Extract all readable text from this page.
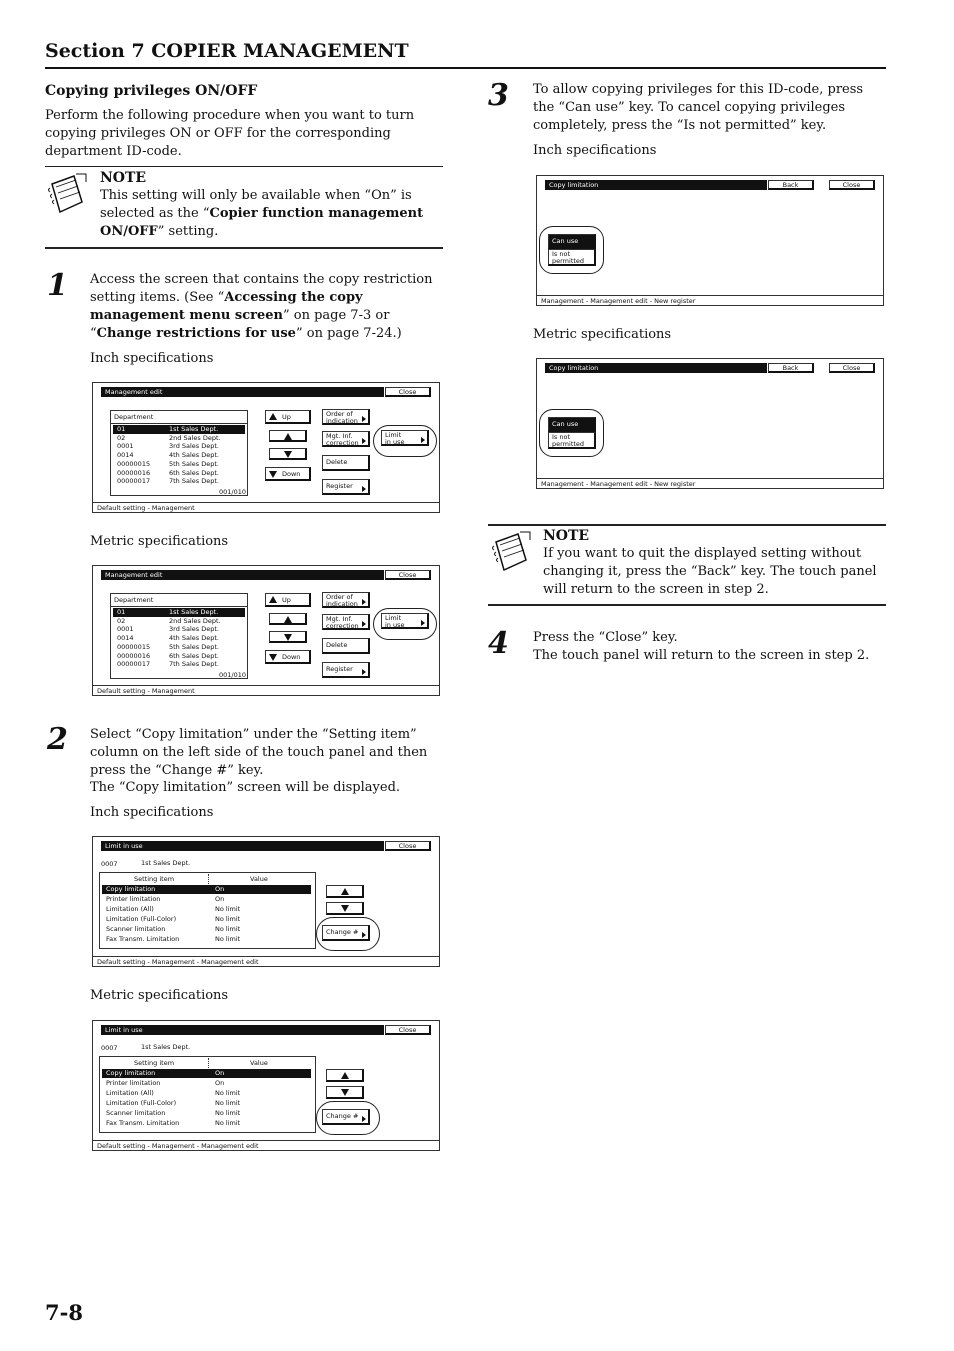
Section 7 COPIER MANAGEMENT
Copying privileges ON/OFF
Perform the following procedure when you want to turn copying privileges ON or OFF for the corresponding department ID-code.
NOTE
This setting will only be available when “On” is selected as the “Copier function management ON/OFF” setting.
1 Access the screen that contains the copy restriction setting items. (See “Accessing the copy management menu screen” on page 7-3 or “Change restrictions for use” on page 7-24.)
Inch specifications
Metric specifications
Management edit	Close
Department
01	1st Sales Dept.
02	2nd Sales Dept.
0001	3rd Sales Dept.
0014	4th Sales Dept.
00000015	5th Sales Dept.
00000016	6th Sales Dept.
00000017	7th Sales Dept.
001/010
Up
Down
Order of
indication
Mgt. Inf.
correction
Limit
in use
Delete
Register
Default setting - Management
Management edit	Close
Department
01	1st Sales Dept.
02	2nd Sales Dept.
0001	3rd Sales Dept.
0014	4th Sales Dept.
00000015	5th Sales Dept.
00000016	6th Sales Dept.
00000017	7th Sales Dept.
001/010
Up
Down
Order of
indication
Mgt. Inf.
correction
Limit
in use
Delete
Register
Default setting - Management
2 Select “Copy limitation” under the “Setting item” column on the left side of the touch panel and then press the “Change #” key.
The “Copy limitation” screen will be displayed.
Inch specifications
Metric specifications
Limit in use	Close
0007	1st Sales Dept.
Setting item	Value
Copy limitation	On
Printer limitation	On
Limitation (All)	No limit
Limitation (Full-Color)	No limit
Scanner limitation	No limit
Fax Transm. Limitation	No limit
Change #
Default setting - Management - Management edit
Limit in use	Close
0007	1st Sales Dept.
Setting item	Value
Copy limitation	On
Printer limitation	On
Limitation (All)	No limit
Limitation (Full-Color)	No limit
Scanner limitation	No limit
Fax Transm. Limitation	No limit
Change #
Default setting - Management - Management edit
3 To allow copying privileges for this ID-code, press the “Can use” key. To cancel copying privileges completely, press the “Is not permitted” key.
Inch specifications
Metric specifications
Copy limitation	Back	Close
Can use
Is not
permitted
Management - Management edit - New register
Copy limitation	Back	Close
Can use
Is not
permitted
Management - Management edit - New register
NOTE
If you want to quit the displayed setting without changing it, press the “Back” key. The touch panel will return to the screen in step 2.
4 Press the “Close” key.
The touch panel will return to the screen in step 2.
7-8
